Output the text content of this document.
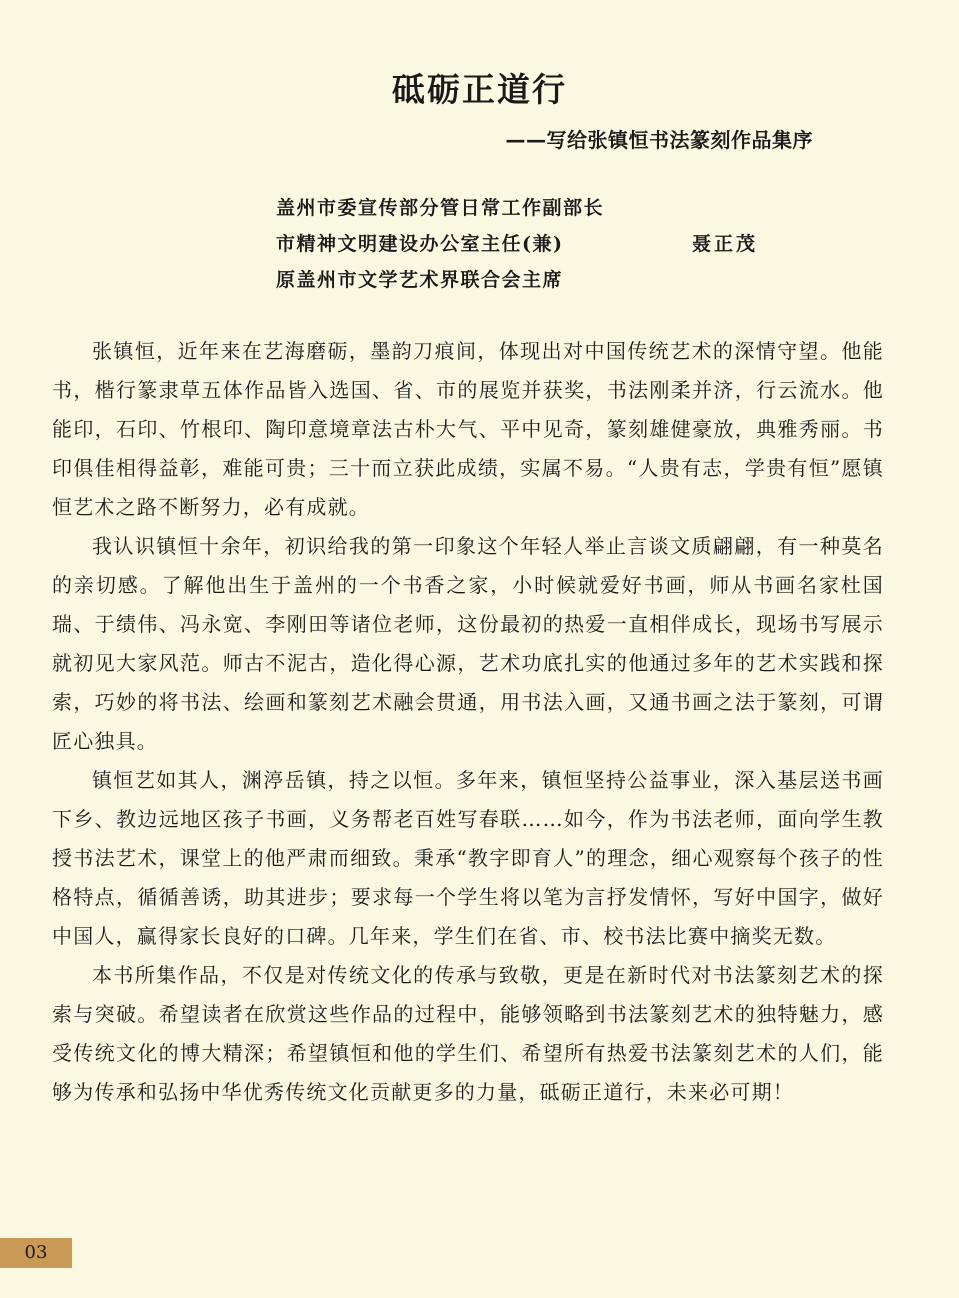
砥砺正道行
——写给张镇恒书法篆刻作品集序
盖州市委宣传部分管日常工作副部长
市精神文明建设办公室主任(兼)	聂正茂
原盖州市文学艺术界联合会主席

张镇恒，近年来在艺海磨砺，墨韵刀痕间，体现出对中国传统艺术的深情守望。他能书，楷行篆隶草五体作品皆入选国、省、市的展览并获奖，书法刚柔并济，行云流水。他能印，石印、竹根印、陶印意境章法古朴大气、平中见奇，篆刻雄健豪放，典雅秀丽。书印俱佳相得益彰，难能可贵；三十而立获此成绩，实属不易。“人贵有志，学贵有恒”愿镇恒艺术之路不断努力，必有成就。

我认识镇恒十余年，初识给我的第一印象这个年轻人举止言谈文质翩翩，有一种莫名的亲切感。了解他出生于盖州的一个书香之家，小时候就爱好书画，师从书画名家杜国瑞、于绩伟、冯永宽、李刚田等诸位老师，这份最初的热爱一直相伴成长，现场书写展示就初见大家风范。师古不泥古，造化得心源，艺术功底扎实的他通过多年的艺术实践和探索，巧妙的将书法、绘画和篆刻艺术融会贯通，用书法入画，又通书画之法于篆刻，可谓匠心独具。

镇恒艺如其人，渊渟岳镇，持之以恒。多年来，镇恒坚持公益事业，深入基层送书画下乡、教边远地区孩子书画，义务帮老百姓写春联……如今，作为书法老师，面向学生教授书法艺术，课堂上的他严肃而细致。秉承“教字即育人”的理念，细心观察每个孩子的性格特点，循循善诱，助其进步；要求每一个学生将以笔为言抒发情怀，写好中国字，做好中国人，赢得家长良好的口碑。几年来，学生们在省、市、校书法比赛中摘奖无数。

本书所集作品，不仅是对传统文化的传承与致敬，更是在新时代对书法篆刻艺术的探索与突破。希望读者在欣赏这些作品的过程中，能够领略到书法篆刻艺术的独特魅力，感受传统文化的博大精深；希望镇恒和他的学生们、希望所有热爱书法篆刻艺术的人们，能够为传承和弘扬中华优秀传统文化贡献更多的力量，砥砺正道行，未来必可期！

03
